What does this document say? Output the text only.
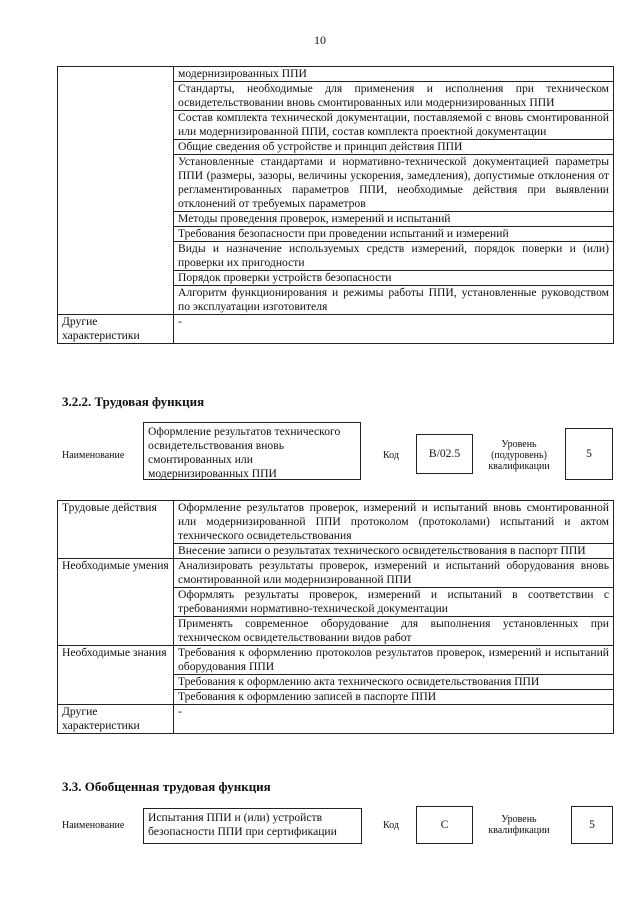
10
	модернизированных ППИ
	Стандарты, необходимые для применения и исполнения при техническом освидетельствовании вновь смонтированных или модернизированных ППИ
	Состав комплекта технической документации, поставляемой с вновь смонтированной или модернизированной ППИ, состав комплекта проектной документации
	Общие сведения об устройстве и принцип действия ППИ
	Установленные стандартами и нормативно-технической документацией параметры ППИ (размеры, зазоры, величины ускорения, замедления), допустимые отклонения от регламентированных параметров ППИ, необходимые действия при выявлении отклонений от требуемых параметров
	Методы проведения проверок, измерений и испытаний
	Требования безопасности при проведении испытаний и измерений
	Виды и назначение используемых средств измерений, порядок поверки и (или) проверки их пригодности
	Порядок проверки устройств безопасности
	Алгоритм функционирования и режимы работы ППИ, установленные руководством по эксплуатации изготовителя
Другие характеристики	-
3.2.2. Трудовая функция
Наименование
Оформление результатов технического освидетельствования вновь смонтированных или модернизированных ППИ
Код	B/02.5
Уровень (подуровень) квалификации
5
Трудовые действия	Оформление результатов проверок, измерений и испытаний вновь смонтированной или модернизированной ППИ протоколом (протоколами) испытаний и актом технического освидетельствования
	Внесение записи о результатах технического освидетельствования в паспорт ППИ
Необходимые умения	Анализировать результаты проверок, измерений и испытаний оборудования вновь смонтированной или модернизированной ППИ
	Оформлять результаты проверок, измерений и испытаний в соответствии с требованиями нормативно-технической документации
	Применять современное оборудование для выполнения установленных при техническом освидетельствовании видов работ
Необходимые знания	Требования к оформлению протоколов результатов проверок, измерений и испытаний оборудования ППИ
	Требования к оформлению акта технического освидетельствования ППИ
	Требования к оформлению записей в паспорте ППИ
Другие характеристики	-
3.3. Обобщенная трудовая функция
Наименование
Испытания ППИ и (или) устройств безопасности ППИ при сертификации	Код	C	Уровень квалификации	5
